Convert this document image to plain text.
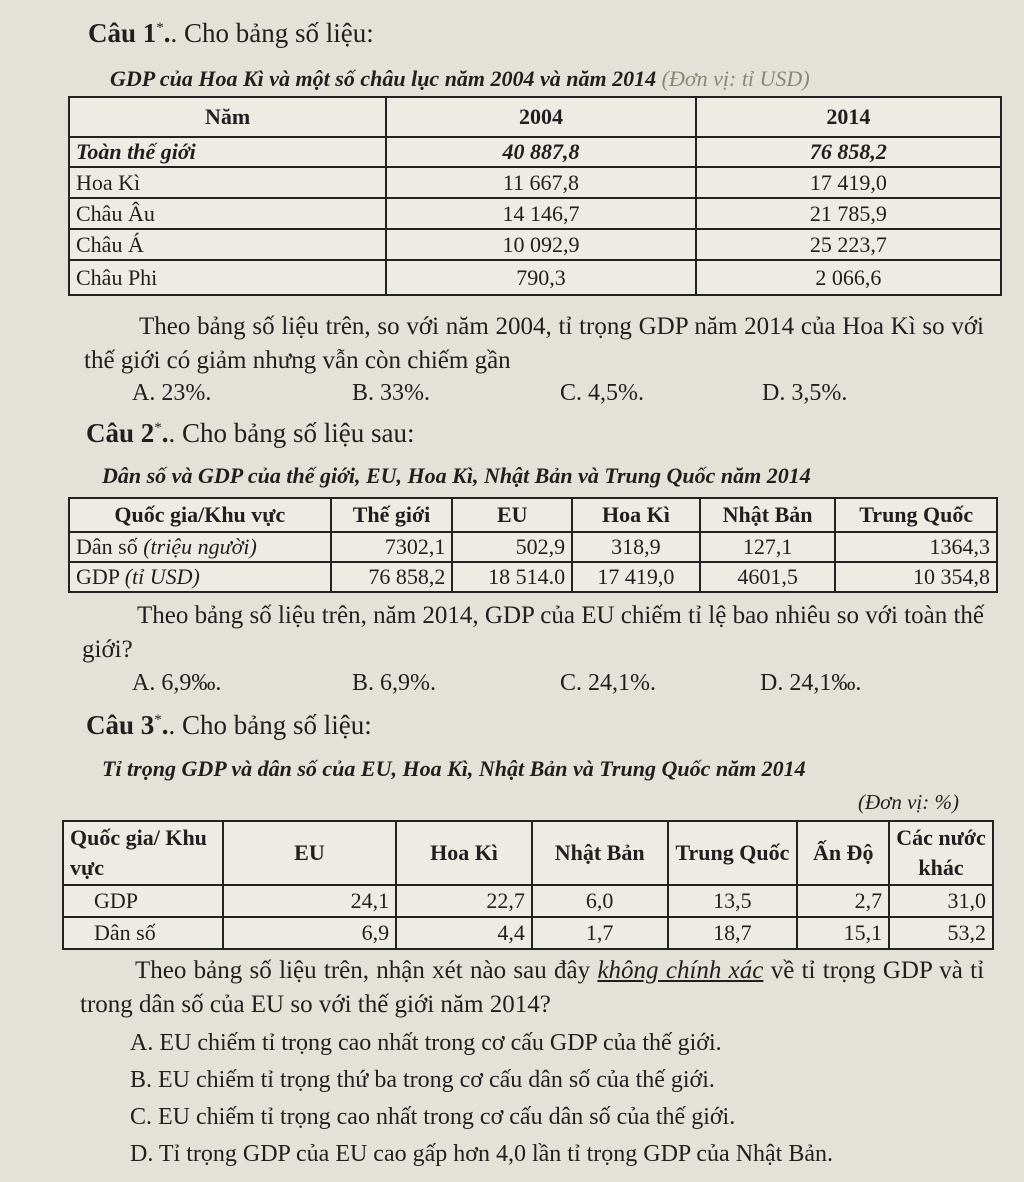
Câu 1*.. Cho bảng số liệu:
GDP của Hoa Kì và một số châu lục năm 2004 và năm 2014 (Đơn vị: tỉ USD)
Năm	2004	2014
Toàn thế giới	40 887,8	76 858,2
Hoa Kì	11 667,8	17 419,0
Châu Âu	14 146,7	21 785,9
Châu Á	10 092,9	25 223,7
Châu Phi	790,3	2 066,6
Theo bảng số liệu trên, so với năm 2004, tỉ trọng GDP năm 2014 của Hoa Kì so với thế giới có giảm nhưng vẫn còn chiếm gần
A. 23%.	B. 33%.	C. 4,5%.	D. 3,5%.
Câu 2*.. Cho bảng số liệu sau:
Dân số và GDP của thế giới, EU, Hoa Kì, Nhật Bản và Trung Quốc năm 2014
Quốc gia/Khu vực	Thế giới	EU	Hoa Kì	Nhật Bản	Trung Quốc
Dân số (triệu người)	7302,1	502,9	318,9	127,1	1364,3
GDP (tỉ USD)	76 858,2	18 514.0	17 419,0	4601,5	10 354,8
Theo bảng số liệu trên, năm 2014, GDP của EU chiếm tỉ lệ bao nhiêu so với toàn thế giới?
A. 6,9‰.	B. 6,9%.	C. 24,1%.	D. 24,1‰.
Câu 3*.. Cho bảng số liệu:
Tỉ trọng GDP và dân số của EU, Hoa Kì, Nhật Bản và Trung Quốc năm 2014
(Đơn vị: %)
Quốc gia/ Khu vực	EU	Hoa Kì	Nhật Bản	Trung Quốc	Ấn Độ	Các nước khác
GDP	24,1	22,7	6,0	13,5	2,7	31,0
Dân số	6,9	4,4	1,7	18,7	15,1	53,2
Theo bảng số liệu trên, nhận xét nào sau đây không chính xác về tỉ trọng GDP và tỉ trong dân số của EU so với thế giới năm 2014?
A. EU chiếm tỉ trọng cao nhất trong cơ cấu GDP của thế giới.
B. EU chiếm tỉ trọng thứ ba trong cơ cấu dân số của thế giới.
C. EU chiếm tỉ trọng cao nhất trong cơ cấu dân số của thế giới.
D. Tỉ trọng GDP của EU cao gấp hơn 4,0 lần tỉ trọng GDP của Nhật Bản.
